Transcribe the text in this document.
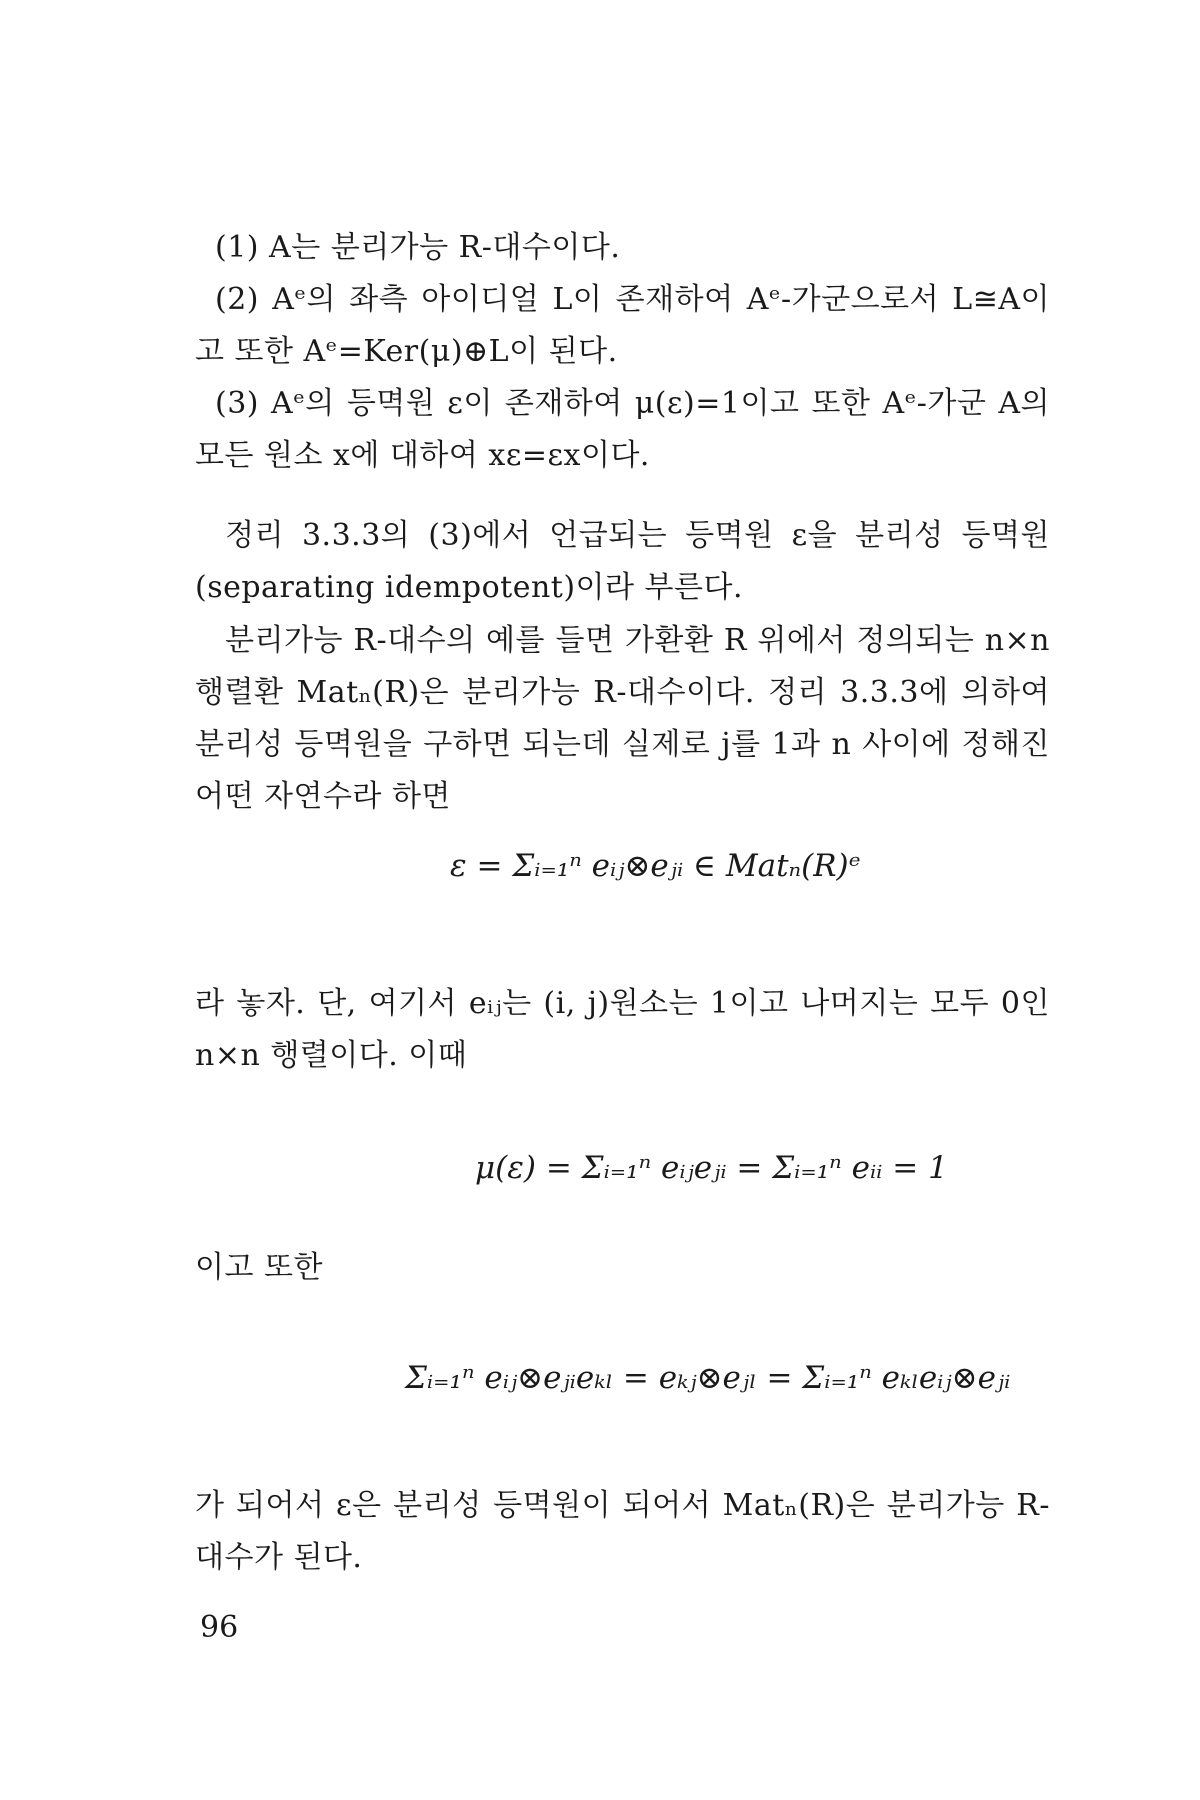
(1) A는 분리가능 R-대수이다.
(2) Aᵉ의 좌측 아이디얼 L이 존재하여 Aᵉ-가군으로서 L≅A이고 또한 Aᵉ=Ker(μ)⊕L이 된다.
(3) Aᵉ의 등멱원 ε이 존재하여 μ(ε)=1이고 또한 Aᵉ-가군 A의 모든 원소 x에 대하여 xε=εx이다.
정리 3.3.3의 (3)에서 언급되는 등멱원 ε을 분리성 등멱원(separating idempotent)이라 부른다.
분리가능 R-대수의 예를 들면 가환환 R 위에서 정의되는 n×n 행렬환 Matₙ(R)은 분리가능 R-대수이다. 정리 3.3.3에 의하여 분리성 등멱원을 구하면 되는데 실제로 j를 1과 n 사이에 정해진 어떤 자연수라 하면
ε = Σᵢ₌₁ⁿ eᵢⱼ⊗eⱼᵢ ∈ Matₙ(R)ᵉ
라 놓자. 단, 여기서 eᵢⱼ는 (i, j)원소는 1이고 나머지는 모두 0인 n×n 행렬이다. 이때
μ(ε) = Σᵢ₌₁ⁿ eᵢⱼeⱼᵢ = Σᵢ₌₁ⁿ eᵢᵢ = 1
이고 또한
Σᵢ₌₁ⁿ eᵢⱼ⊗eⱼᵢeₖₗ = eₖⱼ⊗eⱼₗ = Σᵢ₌₁ⁿ eₖₗeᵢⱼ⊗eⱼᵢ
가 되어서 ε은 분리성 등멱원이 되어서 Matₙ(R)은 분리가능 R-대수가 된다.
96
